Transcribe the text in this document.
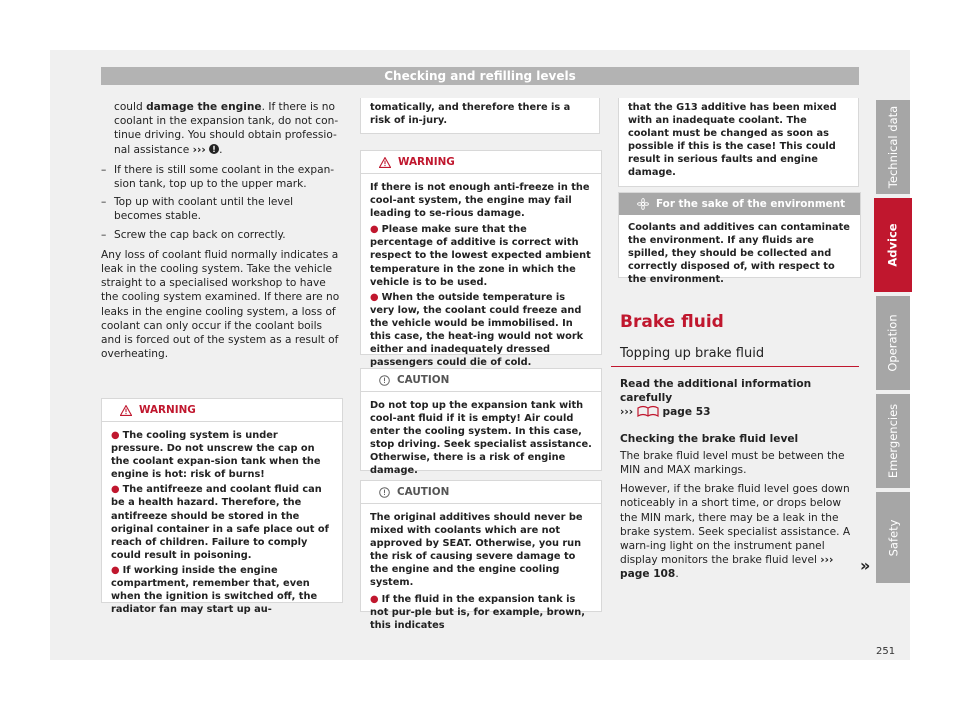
Checking and refilling levels

could damage the engine. If there is no coolant in the expansion tank, do not con-tinue driving. You should obtain professio-nal assistance ››› .

– If there is still some coolant in the expan-sion tank, top up to the upper mark.
– Top up with coolant until the level becomes stable.
– Screw the cap back on correctly.

Any loss of coolant fluid normally indicates a leak in the cooling system. Take the vehicle straight to a specialised workshop to have the cooling system examined. If there are no leaks in the engine cooling system, a loss of coolant can only occur if the coolant boils and is forced out of the system as a result of overheating.

WARNING
● The cooling system is under pressure. Do not unscrew the cap on the coolant expan-sion tank when the engine is hot: risk of burns!
● The antifreeze and coolant fluid can be a health hazard. Therefore, the antifreeze should be stored in the original container in a safe place out of reach of children. Failure to comply could result in poisoning.
● If working inside the engine compartment, remember that, even when the ignition is switched off, the radiator fan may start up au-
tomatically, and therefore there is a risk of in-jury.
WARNING

If there is not enough anti-freeze in the cool-ant system, the engine may fail leading to se-rious damage.

● Please make sure that the percentage of additive is correct with respect to the lowest expected ambient temperature in the zone in which the vehicle is to be used.
● When the outside temperature is very low, the coolant could freeze and the vehicle would be immobilised. In this case, the heat-ing would not work either and inadequately dressed passengers could die of cold.
CAUTION

Do not top up the expansion tank with cool-ant fluid if it is empty! Air could enter the cooling system. In this case, stop driving. Seek specialist assistance. Otherwise, there is a risk of engine damage.

CAUTION

The original additives should never be mixed with coolants which are not approved by SEAT. Otherwise, you run the risk of causing severe damage to the engine and the engine cooling system.

● If the fluid in the expansion tank is not pur-ple but is, for example, brown, this indicates
that the G13 additive has been mixed with an inadequate coolant. The coolant must be changed as soon as possible if this is the case! This could result in serious faults and engine damage.
For the sake of the environment

Coolants and additives can contaminate the environment. If any fluids are spilled, they should be collected and correctly disposed of, with respect to the environment.

Brake fluid
Topping up brake fluid

Read the additional information carefully

›››	page 53

Checking the brake fluid level

The brake fluid level must be between the MIN and MAX markings.

However, if the brake fluid level goes down noticeably in a short time, or drops below the MIN mark, there may be a leak in the brake system. Seek specialist assistance. A warn-ing light on the instrument panel display monitors the brake fluid level ››› page 108.	»
Technical data
Advice
Operation
Emergencies
Safety
251
